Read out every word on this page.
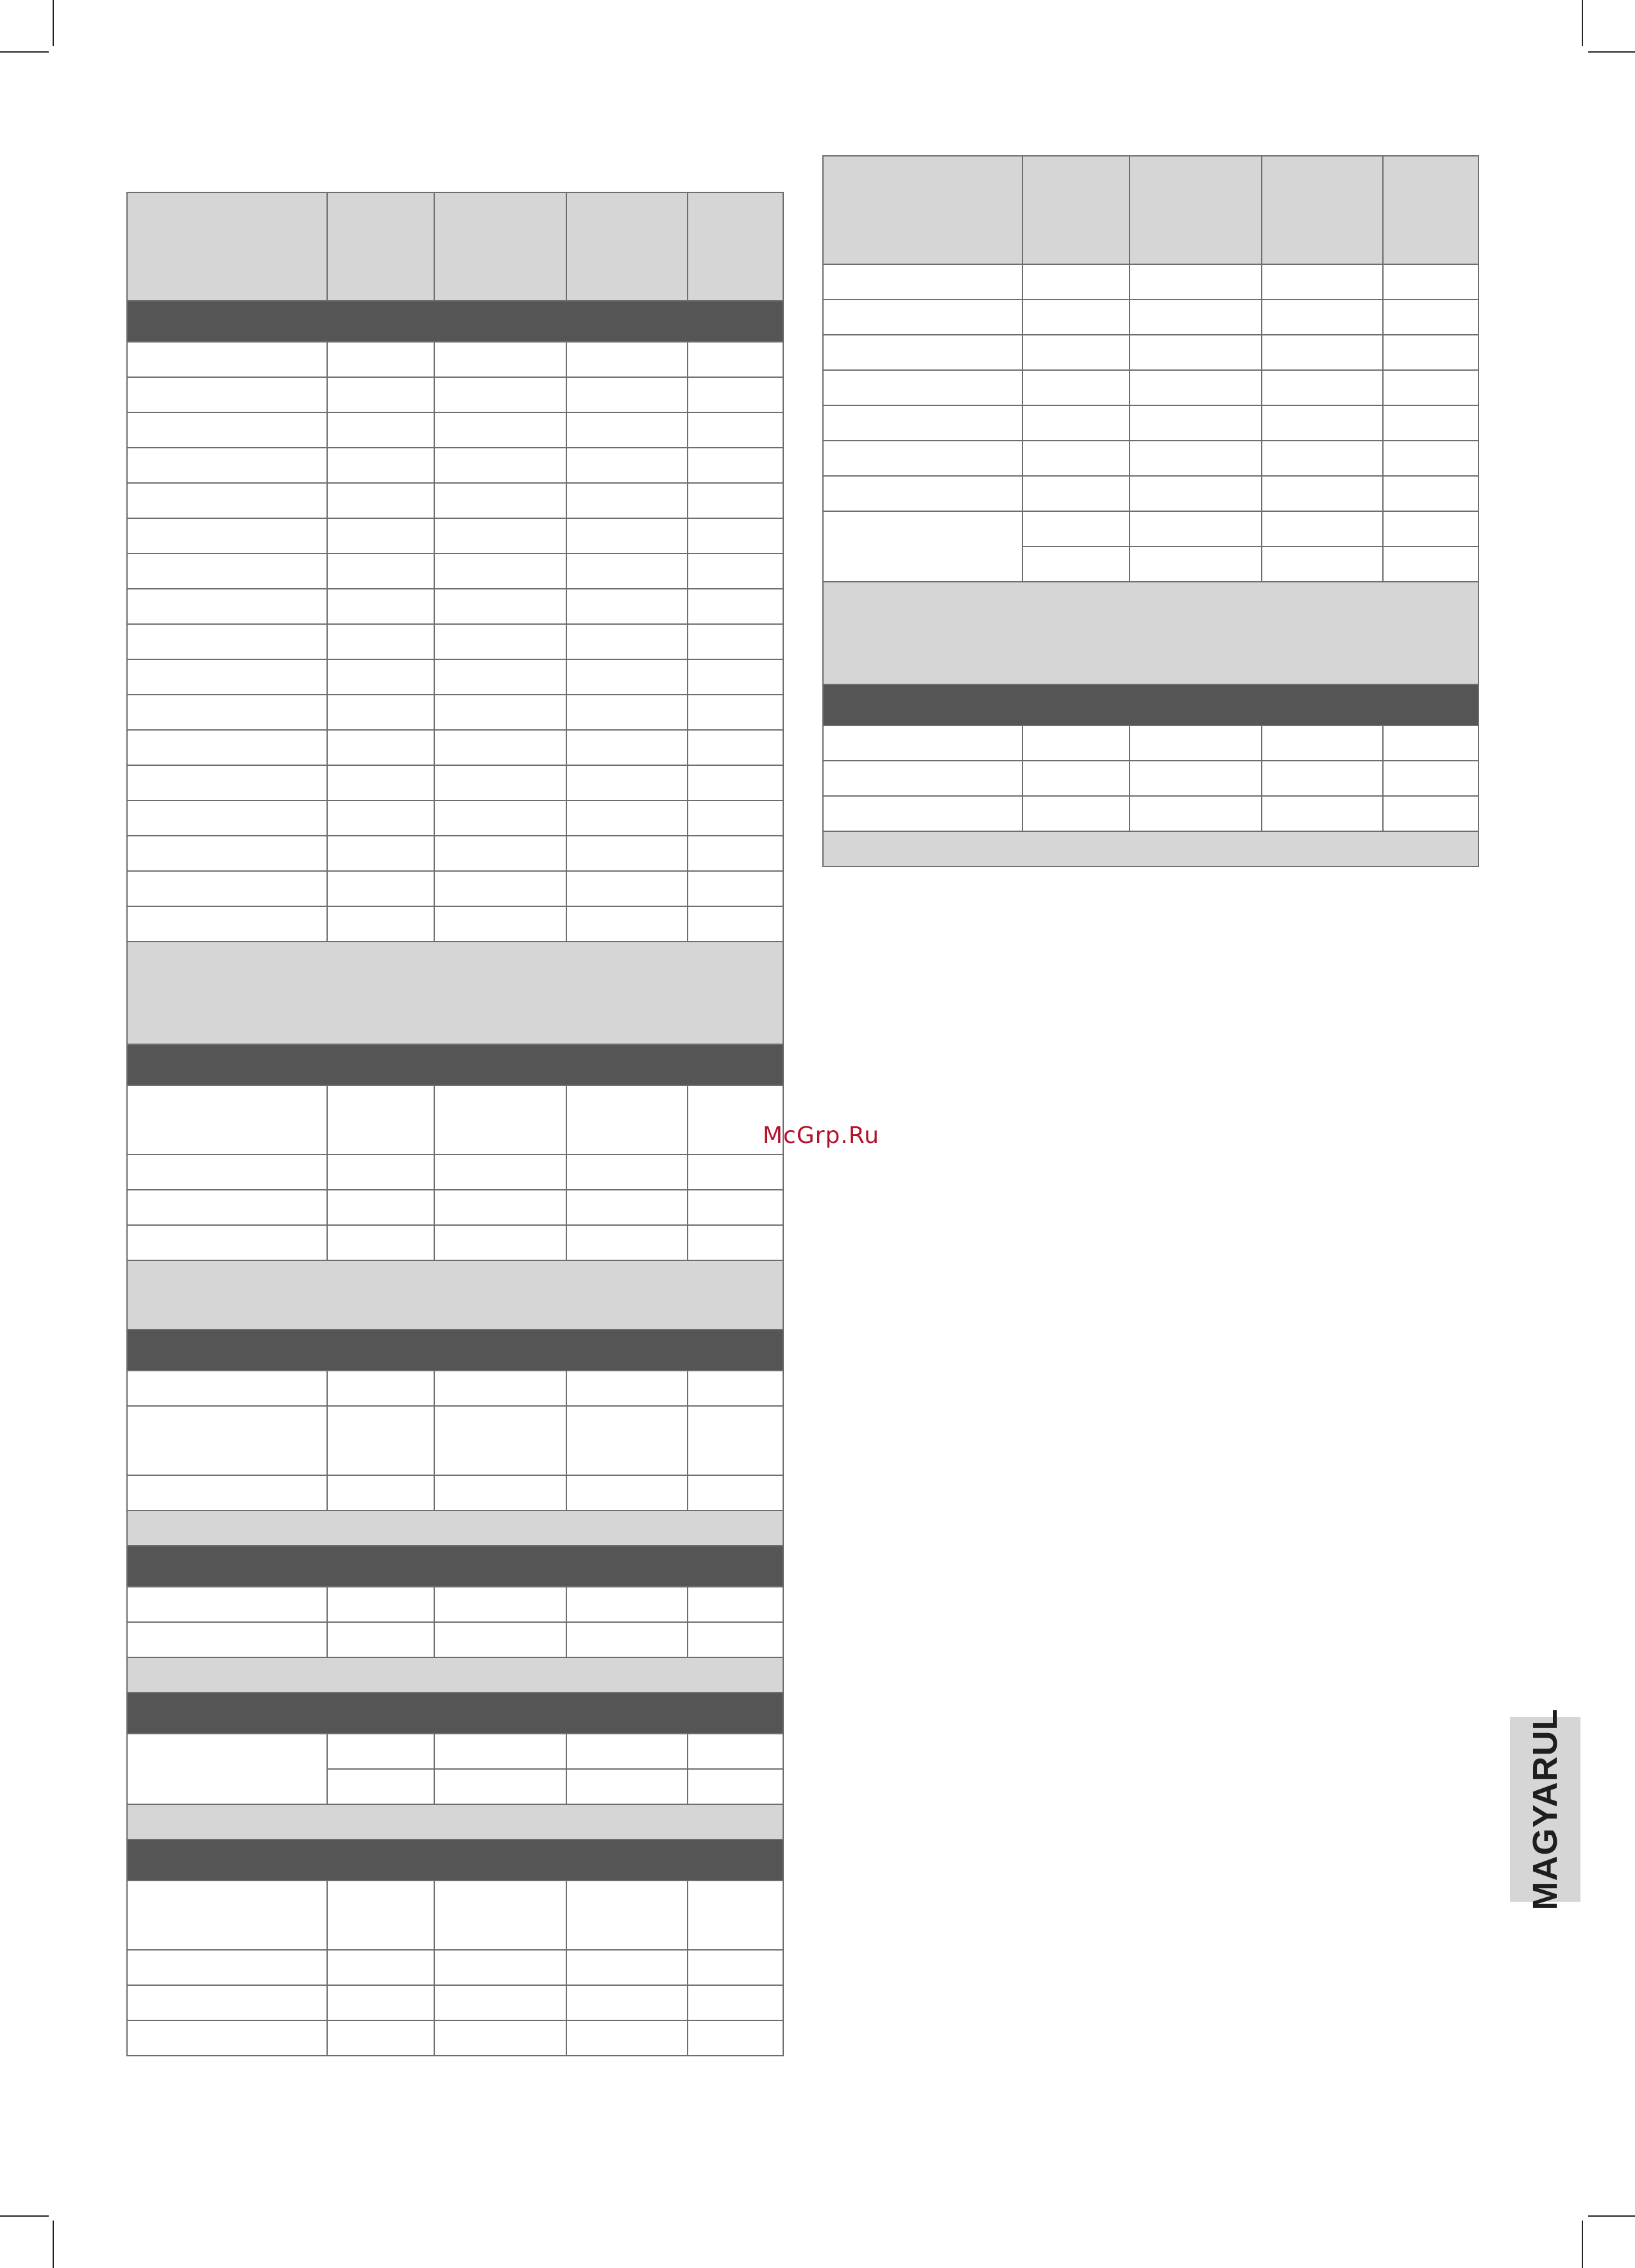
McGrp.Ru
MAGYARUL
